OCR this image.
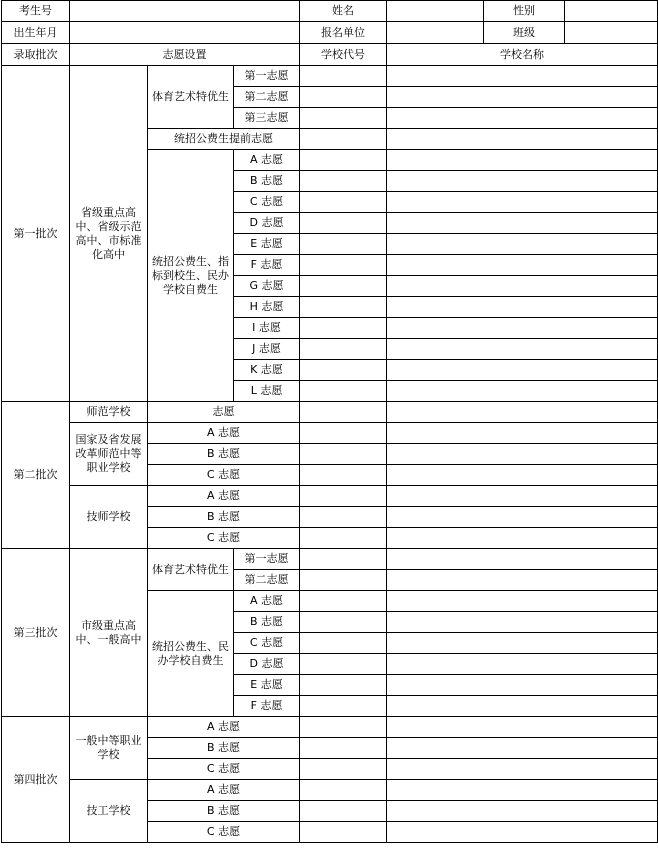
考生号				姓名		性别	
出生年月				报名单位		班级	
录取批次	志愿设置			学校代号	学校名称		
第一批次	省级重点高中、省级示范高中、市标准化高中	体育艺术特优生	第一志愿				
			第二志愿				
			第三志愿				
		统招公费生提前志愿					
		统招公费生、指标到校生、民办学校自费生	A 志愿				
			B 志愿				
			C 志愿				
			D 志愿				
			E 志愿				
			F 志愿				
			G 志愿				
			H 志愿				
			I 志愿				
			J 志愿				
			K 志愿				
			L 志愿				
第二批次	师范学校	志愿					
	国家及省发展改革师范中等职业学校	A 志愿					
		B 志愿					
		C 志愿					
	技师学校	A 志愿					
		B 志愿					
		C 志愿					
第三批次	市级重点高中、一般高中	体育艺术特优生	第一志愿				
			第二志愿				
		统招公费生、民办学校自费生	A 志愿				
			B 志愿				
			C 志愿				
			D 志愿				
			E 志愿				
			F 志愿				
第四批次	一般中等职业学校	A 志愿					
		B 志愿					
		C 志愿					
	技工学校	A 志愿					
		B 志愿					
		C 志愿					
